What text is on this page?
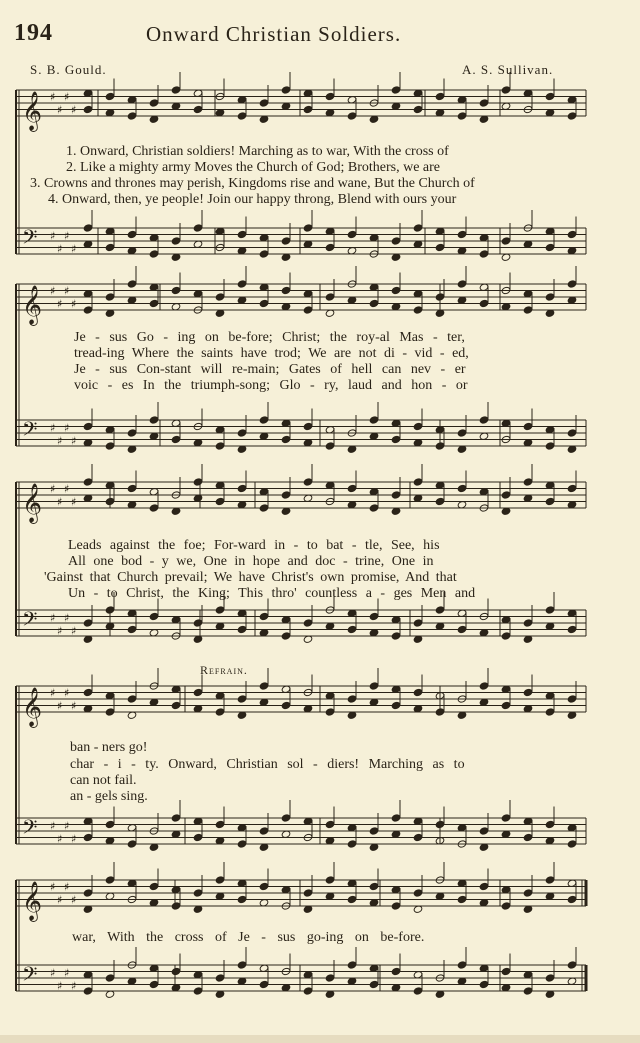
194	Onward Christian Soldiers.
S. B. Gould.	A. S. Sullivan.
𝄞
𝄢
♯
♯
♯
♯
♯
♯
♯
♯
𝄞
𝄢
♯
♯
♯
♯
♯
♯
♯
♯
𝄞
𝄢
♯
♯
♯
♯
♯
♯
♯
♯
𝄞
𝄢
♯
♯
♯
♯
♯
♯
♯
♯
𝄞
𝄢
♯
♯
♯
♯
♯
♯
♯
♯
1. Onward, Christian soldiers! Marching as to war, With the cross of
2. Like a mighty army Moves the Church of God; Brothers, we are
3. Crowns and thrones may perish, Kingdoms rise and wane, But the Church of
4. Onward, then, ye people! Join our happy throng, Blend with ours your
Je - sus Go - ing on be-fore; Christ; the roy-al Mas - ter,
tread-ing Where the saints have trod; We are not di - vid - ed,
Je - sus Con-stant will re-main; Gates of hell can nev - er
voic - es In the triumph-song; Glo - ry, laud and hon - or
Leads against the foe; For-ward in - to bat - tle, See, his
All one bod - y we, One in hope and doc - trine, One in
'Gainst that Church prevail; We have Christ's own promise, And that
Un - to Christ, the King; This thro' countless a - ges Men and
Refrain.
ban - ners go!
char - i - ty. Onward, Christian sol - diers! Marching as to
can not fail.
an - gels sing.
war, With the cross of Je - sus go-ing on be-fore.
